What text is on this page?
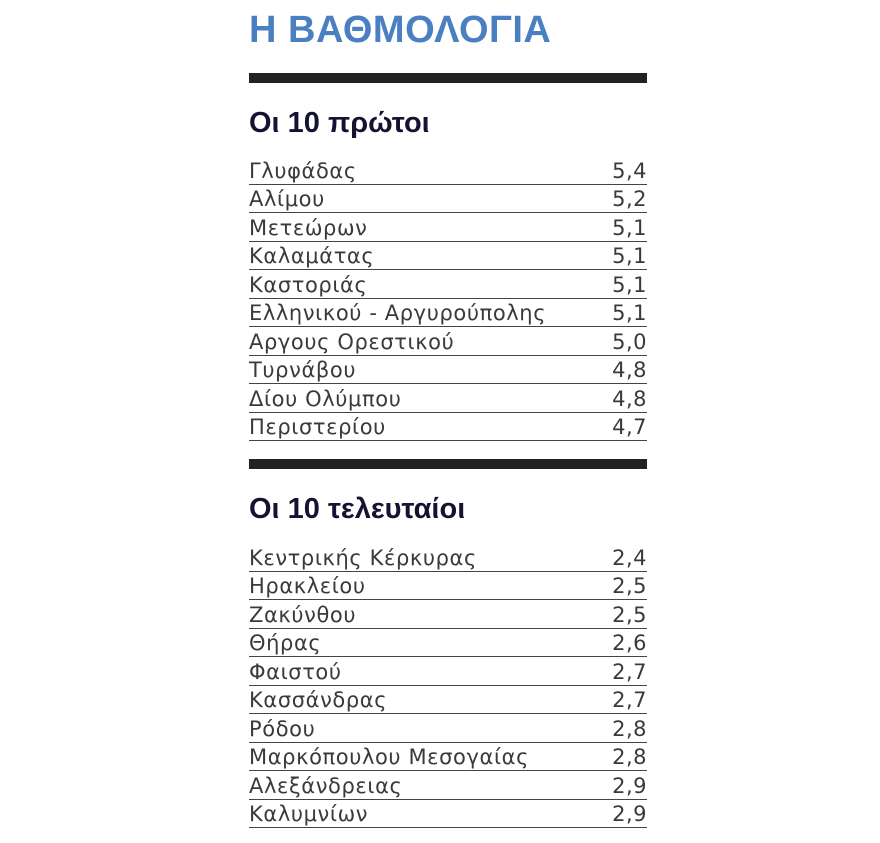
Η ΒΑΘΜΟΛΟΓΙΑ
Οι 10 πρώτοι
Γλυφάδας	5,4
Αλίμου	5,2
Μετεώρων	5,1
Καλαμάτας	5,1
Καστοριάς	5,1
Ελληνικού - Αργυρούπολης	5,1
Αργους Ορεστικού	5,0
Τυρνάβου	4,8
Δίου Ολύμπου	4,8
Περιστερίου	4,7
Οι 10 τελευταίοι
Κεντρικής Κέρκυρας	2,4
Ηρακλείου	2,5
Ζακύνθου	2,5
Θήρας	2,6
Φαιστού	2,7
Κασσάνδρας	2,7
Ρόδου	2,8
Μαρκόπουλου Μεσογαίας	2,8
Αλεξάνδρειας	2,9
Καλυμνίων	2,9
